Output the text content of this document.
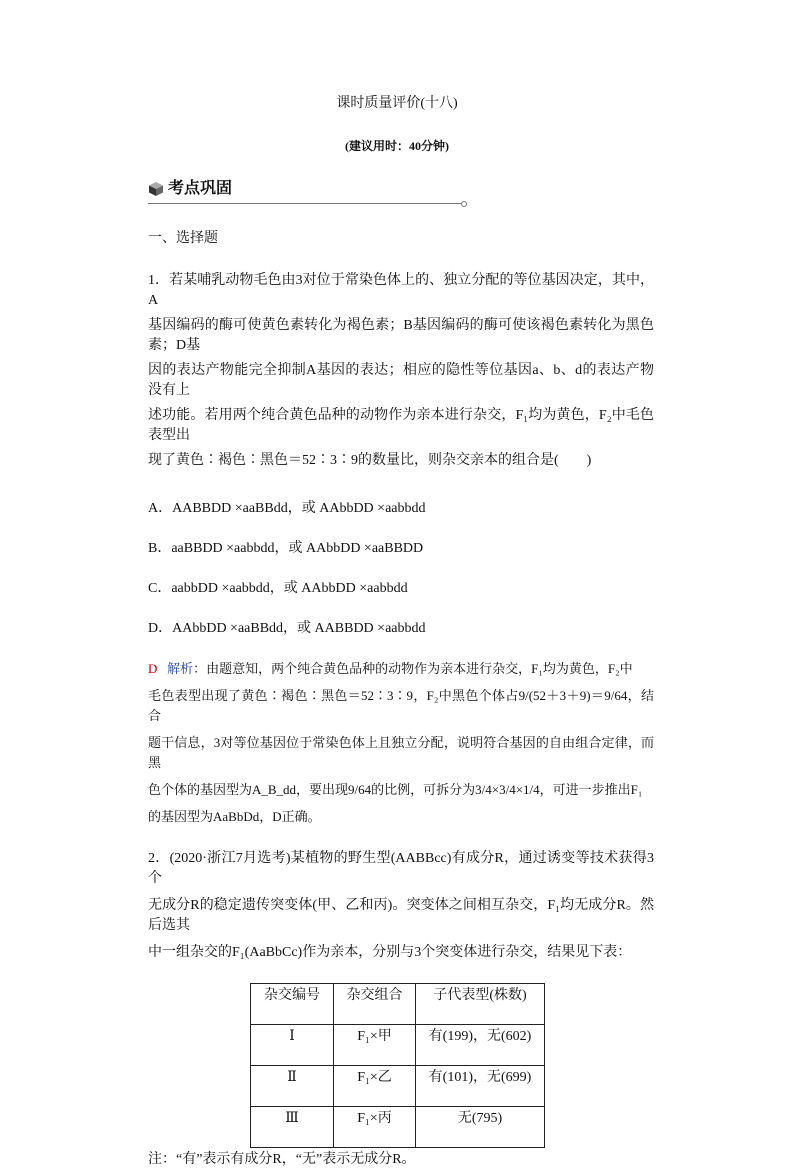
课时质量评价(十八)
(建议用时：40分钟)
考点巩固
一、选择题
1．若某哺乳动物毛色由3对位于常染色体上的、独立分配的等位基因决定，其中，A
基因编码的酶可使黄色素转化为褐色素；B基因编码的酶可使该褐色素转化为黑色素；D基
因的表达产物能完全抑制A基因的表达；相应的隐性等位基因a、b、d的表达产物没有上
述功能。若用两个纯合黄色品种的动物作为亲本进行杂交，F₁均为黄色，F₂中毛色表型出
现了黄色∶褐色∶黑色＝52∶3∶9的数量比，则杂交亲本的组合是(　　)
A．AABBDD ×aaBBdd，或 AAbbDD ×aabbdd
B．aaBBDD ×aabbdd，或 AAbbDD ×aaBBDD
C．aabbDD ×aabbdd，或 AAbbDD ×aabbdd
D．AAbbDD ×aaBBdd，或 AABBDD ×aabbdd
D 解析：由题意知，两个纯合黄色品种的动物作为亲本进行杂交，F₁均为黄色，F₂中
毛色表型出现了黄色∶褐色∶黑色＝52∶3∶9，F₂中黑色个体占9/(52＋3＋9)＝9/64，结合
题干信息，3对等位基因位于常染色体上且独立分配，说明符合基因的自由组合定律，而黑
色个体的基因型为A_B_dd，要出现9/64的比例，可拆分为3/4×3/4×1/4，可进一步推出F₁
的基因型为AaBbDd，D正确。
2．(2020·浙江7月选考)某植物的野生型(AABBcc)有成分R，通过诱变等技术获得3个
无成分R的稳定遗传突变体(甲、乙和丙)。突变体之间相互杂交，F₁均无成分R。然后选其
中一组杂交的F₁(AaBbCc)作为亲本，分别与3个突变体进行杂交，结果见下表：
杂交编号	杂交组合	子代表型(株数)
Ⅰ	F₁×甲	有(199)，无(602)
Ⅱ	F₁×乙	有(101)，无(699)
Ⅲ	F₁×丙	无(795)
注：“有”表示有成分R，“无”表示无成分R。
